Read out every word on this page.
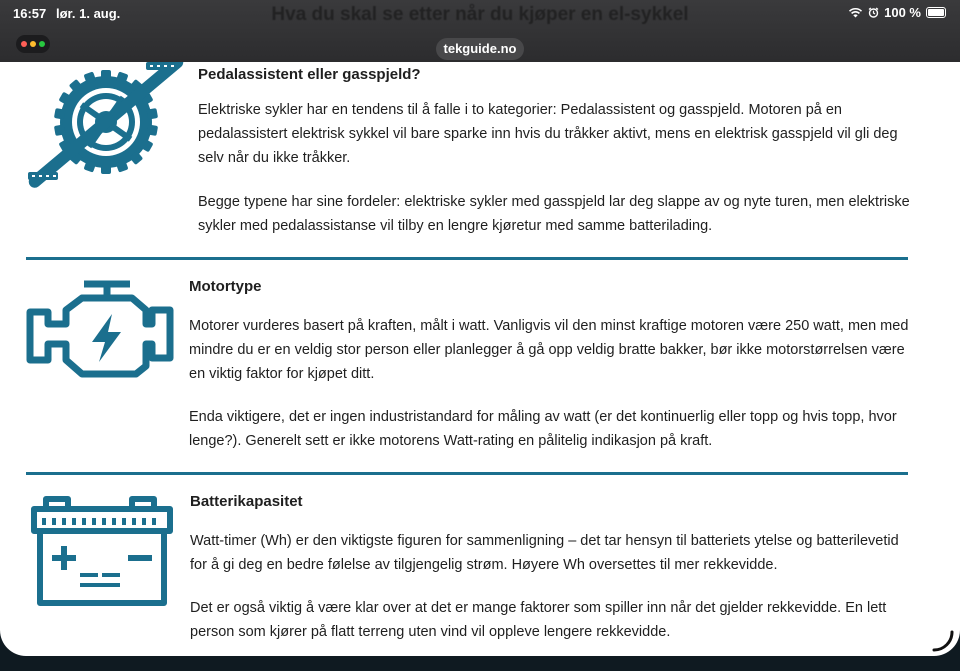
Hva du skal se etter når du kjøper en el-sykkel
16:57 lør. 1. aug.	100 %
tekguide.no
Pedalassistent eller gasspjeld?

Elektriske sykler har en tendens til å falle i to kategorier: Pedalassistent og gasspjeld. Motoren på en pedalassistert elektrisk sykkel vil bare sparke inn hvis du tråkker aktivt, mens en elektrisk gasspjeld vil gli deg selv når du ikke tråkker.

Begge typene har sine fordeler: elektriske sykler med gasspjeld lar deg slappe av og nyte turen, men elektriske sykler med pedalassistanse vil tilby en lengre kjøretur med samme batterilading.

Motortype

Motorer vurderes basert på kraften, målt i watt. Vanligvis vil den minst kraftige motoren være 250 watt, men med mindre du er en veldig stor person eller planlegger å gå opp veldig bratte bakker, bør ikke motorstørrelsen være en viktig faktor for kjøpet ditt.

Enda viktigere, det er ingen industristandard for måling av watt (er det kontinuerlig eller topp og hvis topp, hvor lenge?). Generelt sett er ikke motorens Watt-rating en pålitelig indikasjon på kraft.

Batterikapasitet

Watt-timer (Wh) er den viktigste figuren for sammenligning – det tar hensyn til batteriets ytelse og batterilevetid for å gi deg en bedre følelse av tilgjengelig strøm. Høyere Wh oversettes til mer rekkevidde.

Det er også viktig å være klar over at det er mange faktorer som spiller inn når det gjelder rekkevidde. En lett person som kjører på flatt terreng uten vind vil oppleve lengere rekkevidde.
